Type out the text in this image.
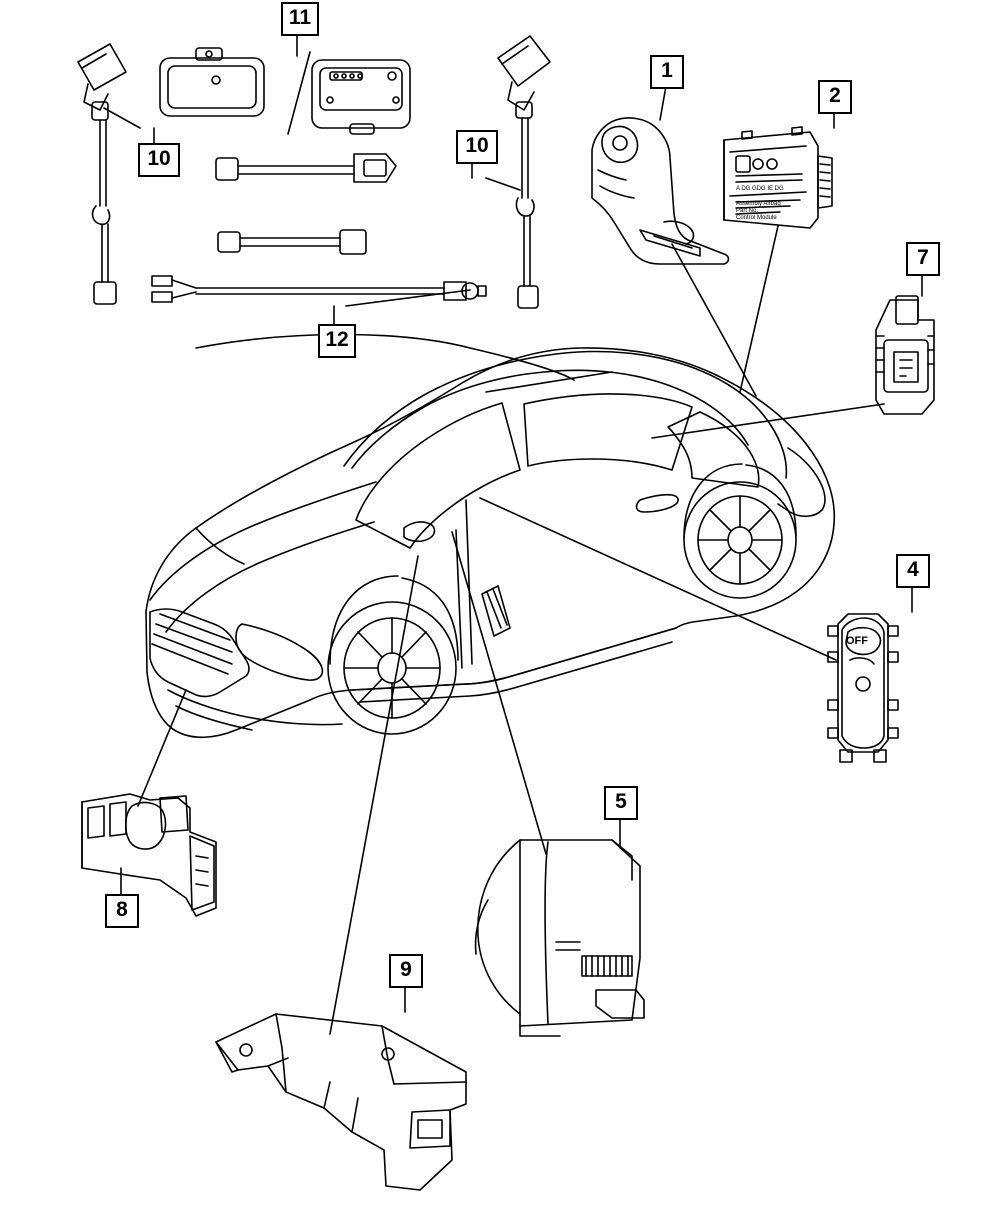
OFF
A DG GDG IE DG
Assembly Airbag
Part No.
Control Module
1
2
4
5
7
8
9
10
10
11
12
